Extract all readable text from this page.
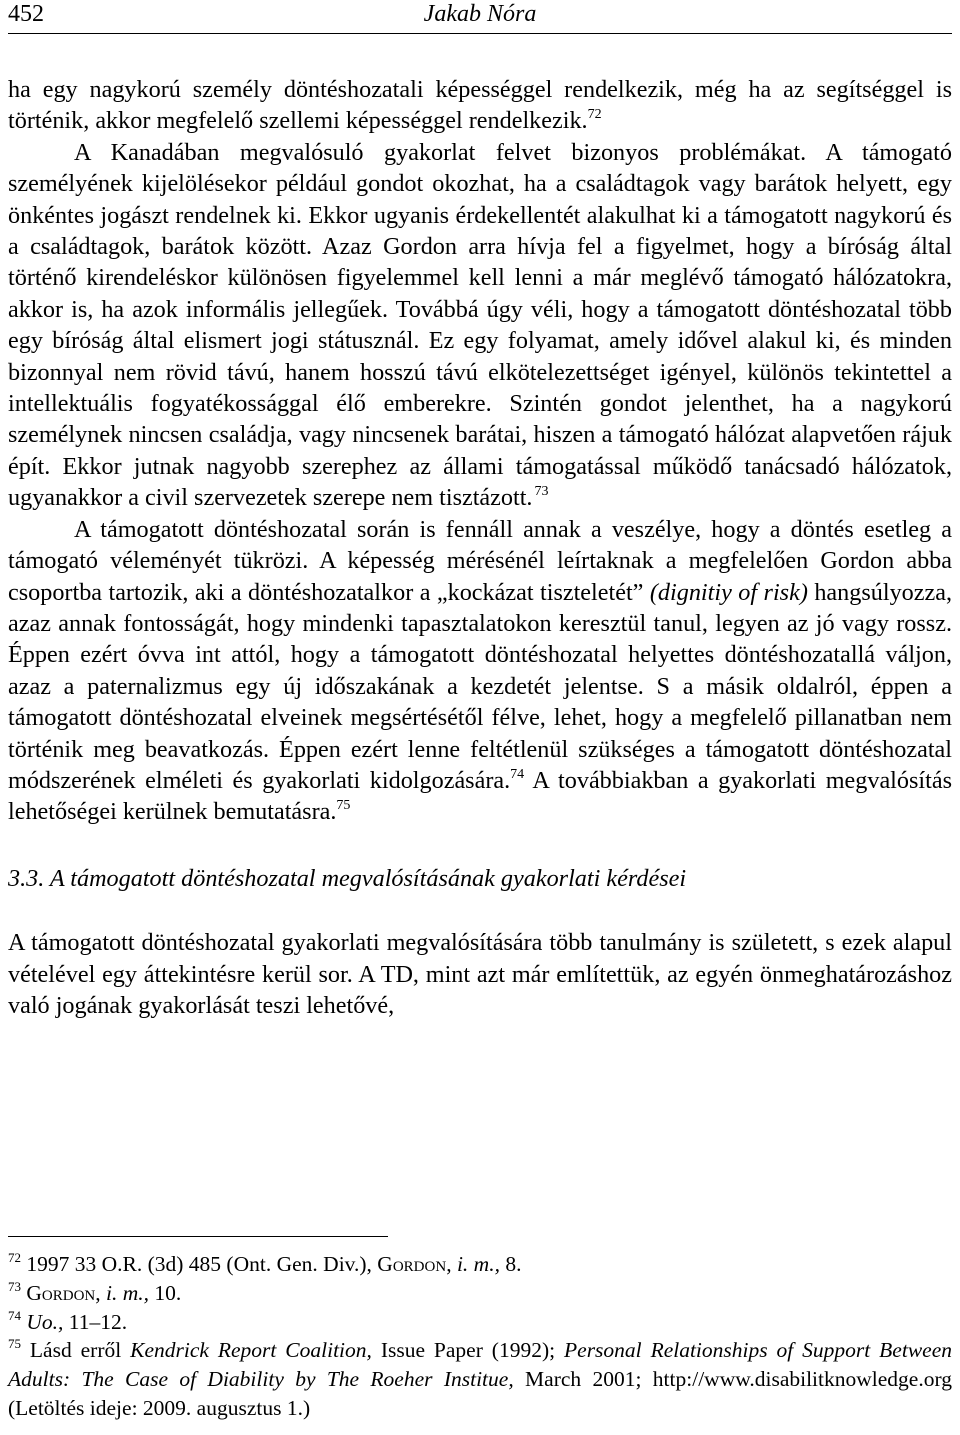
452	Jakab Nóra

ha egy nagykorú személy döntéshozatali képességgel rendelkezik, még ha az segítséggel is történik, akkor megfelelő szellemi képességgel rendelkezik.$^{72}$

A Kanadában megvalósuló gyakorlat felvet bizonyos problémákat. A támogató személyének kijelölésekor például gondot okozhat, ha a családtagok vagy barátok helyett, egy önkéntes jogászt rendelnek ki. Ekkor ugyanis érdekellentét alakulhat ki a támogatott nagykorú és a családtagok, barátok között. Azaz Gordon arra hívja fel a figyelmet, hogy a bíróság által történő kirendeléskor különösen figyelemmel kell lenni a már meglévő támogató hálózatokra, akkor is, ha azok informális jellegűek. Továbbá úgy véli, hogy a támogatott döntéshozatal több egy bíróság által elismert jogi státusznál. Ez egy folyamat, amely idővel alakul ki, és minden bizonnyal nem rövid távú, hanem hosszú távú elkötelezettséget igényel, különös tekintettel a intellektuális fogyatékossággal élő emberekre. Szintén gondot jelenthet, ha a nagykorú személynek nincsen családja, vagy nincsenek barátai, hiszen a támogató hálózat alapvetően rájuk épít. Ekkor jutnak nagyobb szerephez az állami támogatással működő tanácsadó hálózatok, ugyanakkor a civil szervezetek szerepe nem tisztázott.  $^{73}$

A támogatott döntéshozatal során is fennáll annak a veszélye, hogy a döntés esetleg a támogató véleményét tükrözi. A képesség mérésénél leírtaknak a megfelelően Gordon abba csoportba tartozik, aki a döntéshozatalkor a „kockázat tiszteletét” (dignitiy of risk) hangsúlyozza, azaz annak fontosságát, hogy mindenki tapasztalatokon keresztül tanul, legyen az jó vagy rossz. Éppen ezért óvva int attól, hogy a támogatott döntéshozatal helyettes döntéshozatallá váljon, azaz a paternalizmus egy új időszakának a kezdetét jelentse. S a másik oldalról, éppen a támogatott döntéshozatal elveinek megsértésétől félve, lehet, hogy a megfelelő pillanatban nem történik meg beavatkozás. Éppen ezért lenne feltétlenül szükséges a támogatott döntéshozatal módszerének elméleti és gyakorlati kidolgozására.$^{74}$ A továbbiakban a gyakorlati megvalósítás lehetőségei kerülnek bemutatásra.$^{75}$

3.3. A támogatott döntéshozatal megvalósításának gyakorlati kérdései

A támogatott döntéshozatal gyakorlati megvalósítására több tanulmány is született, s ezek alapul vételével egy áttekintésre kerül sor. A TD, mint azt már említettük, az egyén önmeghatározáshoz való jogának gyakorlását teszi lehetővé,

$^{72}$ 1997 33 O.R. (3d) 485 (Ont. Gen. Div.), Gordon, i. m., 8.

$^{73}$ Gordon, i. m., 10.

$^{74}$ Uo., 11–12.

$^{75}$ Lásd erről Kendrick Report Coalition, Issue Paper (1992); Personal Relationships of Support Between Adults: The Case of Diability by The Roeher Institue, March 2001; http://www.disabilitknowledge.org (Letöltés ideje: 2009. augusztus 1.)
